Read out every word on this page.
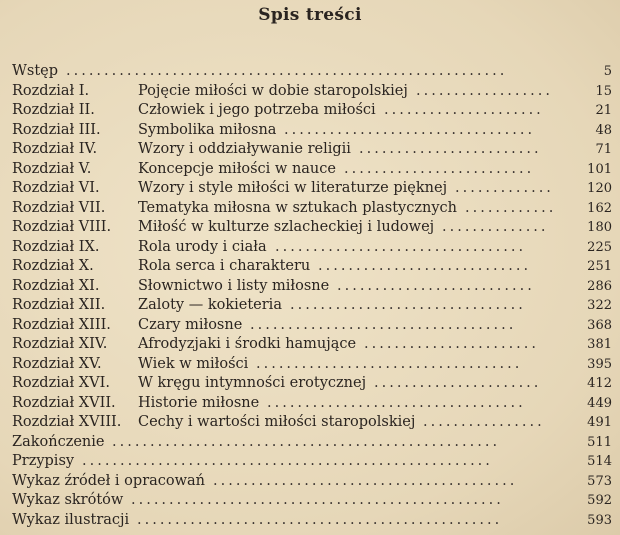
Spis treści
Wstęp ..........................................................	5
Rozdział I.	Pojęcie miłości w dobie staropolskiej ..................	15
Rozdział II.	Człowiek i jego potrzeba miłości .....................	21
Rozdział III.	Symbolika miłosna .................................	48
Rozdział IV.	Wzory i oddziaływanie religii ........................	71
Rozdział V.	Koncepcje miłości w nauce .........................	101
Rozdział VI.	Wzory i style miłości w literaturze pięknej .............	120
Rozdział VII. Tematyka miłosna w sztukach plastycznych ............ 162
Rozdział VIII. Miłość w kulturze szlacheckiej i ludowej ..............	180
Rozdział IX.	Rola urody i ciała .................................	225
Rozdział X.	Rola serca i charakteru ............................	251
Rozdział XI.	Słownictwo i listy miłosne ..........................	286
Rozdział XII. Zaloty — kokieteria ...............................	322
Rozdział XIII. Czary miłosne ...................................	368
Rozdział XIV. Afrodyzjaki i środki hamujące .......................	381
Rozdział XV.	Wiek w miłości ...................................	395
Rozdział XVI. W kręgu intymności erotycznej ......................	412
Rozdział XVII. Historie miłosne ..................................	449
Rozdział XVIII. Cechy i wartości miłości staropolskiej ................	491
Zakończenie ...................................................	511
Przypisy ......................................................	514
Wykaz źródeł i opracowań ........................................	573
Wykaz skrótów .................................................	592
Wykaz ilustracji ................................................	593
